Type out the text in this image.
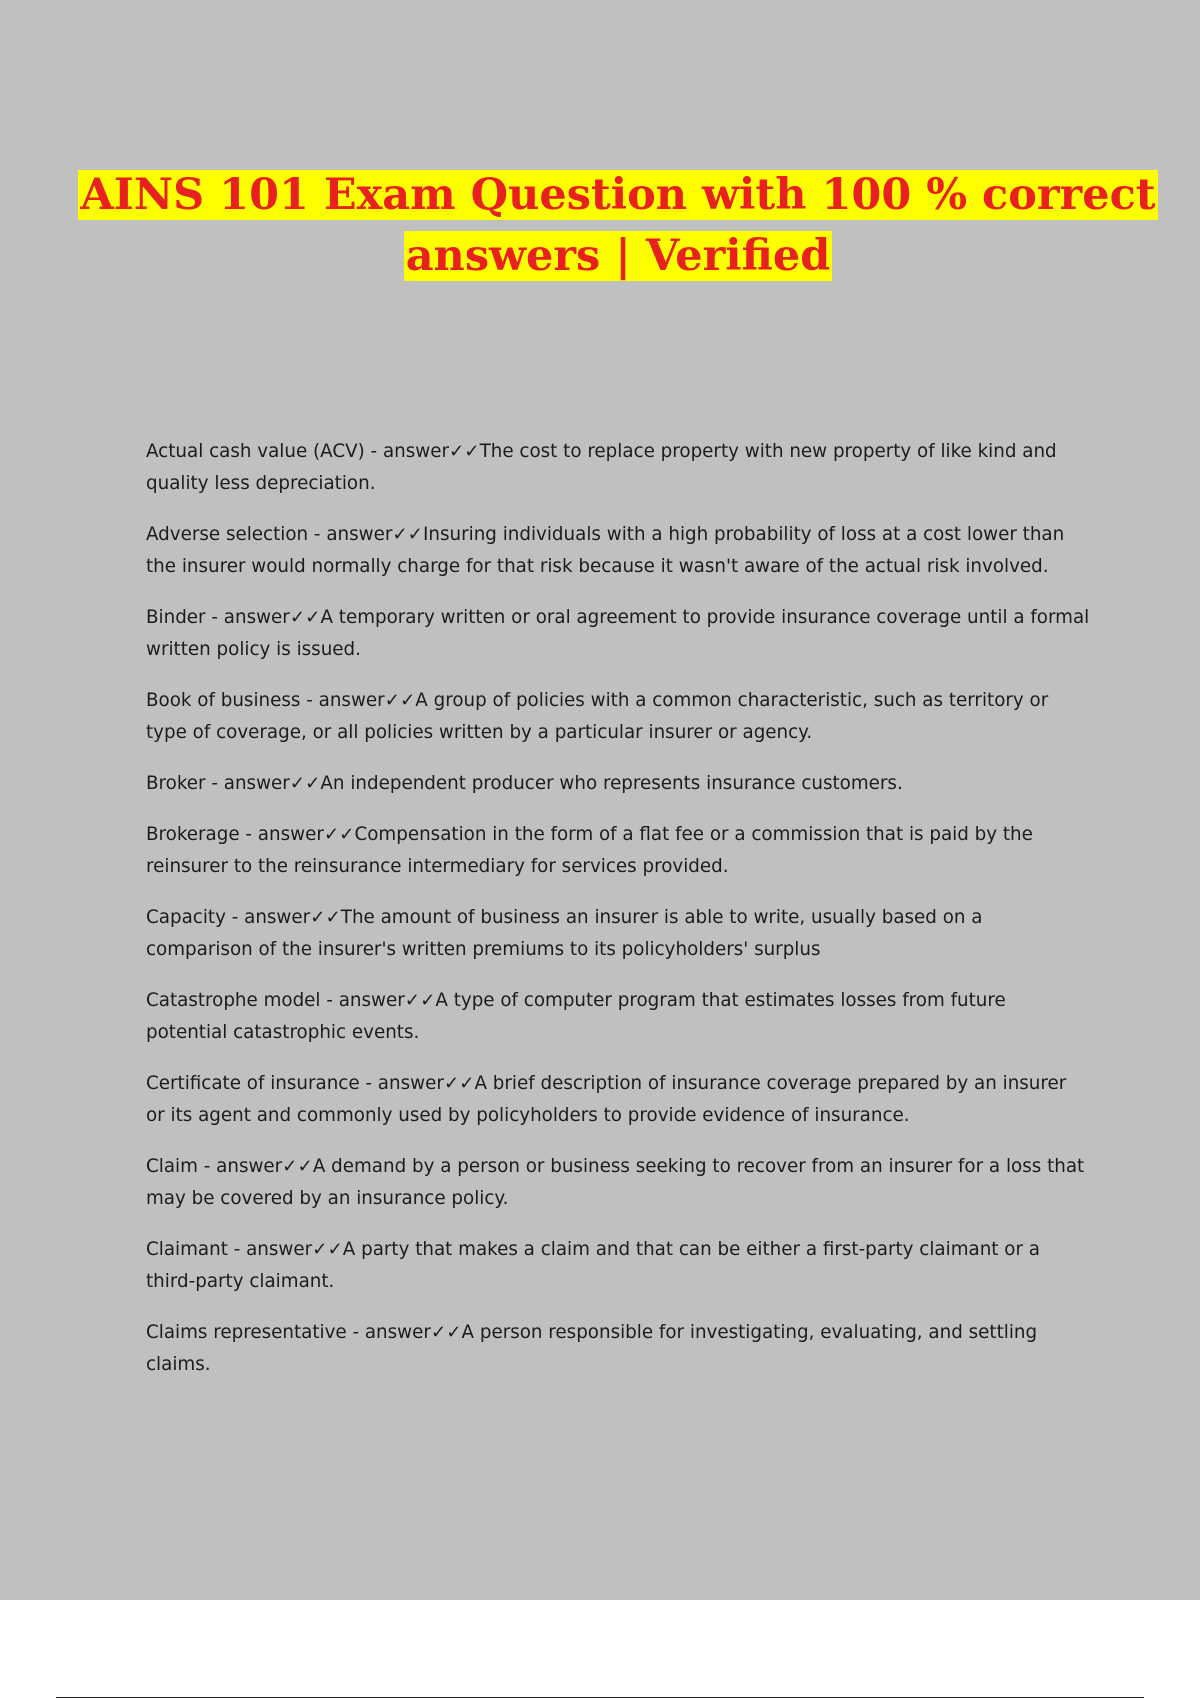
AINS 101 Exam Question with 100 % correct
answers | Verified

Actual cash value (ACV) - answer✓✓The cost to replace property with new property of like kind and quality less depreciation.

Adverse selection - answer✓✓Insuring individuals with a high probability of loss at a cost lower than the insurer would normally charge for that risk because it wasn't aware of the actual risk involved.

Binder - answer✓✓A temporary written or oral agreement to provide insurance coverage until a formal written policy is issued.

Book of business - answer✓✓A group of policies with a common characteristic, such as territory or type of coverage, or all policies written by a particular insurer or agency.

Broker - answer✓✓An independent producer who represents insurance customers.

Brokerage - answer✓✓Compensation in the form of a flat fee or a commission that is paid by the reinsurer to the reinsurance intermediary for services provided.

Capacity - answer✓✓The amount of business an insurer is able to write, usually based on a comparison of the insurer's written premiums to its policyholders' surplus

Catastrophe model - answer✓✓A type of computer program that estimates losses from future potential catastrophic events.

Certificate of insurance - answer✓✓A brief description of insurance coverage prepared by an insurer or its agent and commonly used by policyholders to provide evidence of insurance.

Claim - answer✓✓A demand by a person or business seeking to recover from an insurer for a loss that may be covered by an insurance policy.

Claimant - answer✓✓A party that makes a claim and that can be either a first-party claimant or a third-party claimant.

Claims representative - answer✓✓A person responsible for investigating, evaluating, and settling claims.
